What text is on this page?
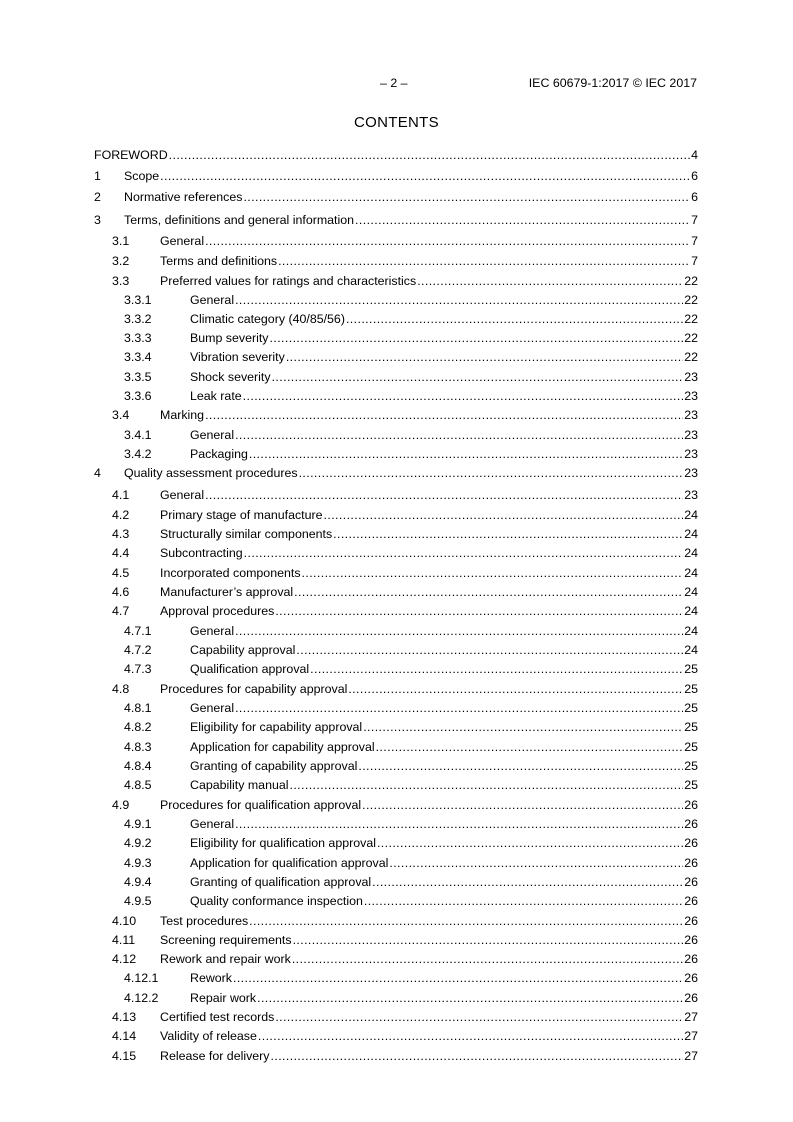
– 2 –	IEC 60679-1:2017 © IEC 2017
CONTENTS
FOREWORD .....	4
1 Scope .....	6
2 Normative references .....	6
3 Terms, definitions and general information .....	7
3.1 General .....	7
3.2 Terms and definitions .....	7
3.3 Preferred values for ratings and characteristics .....	22
3.3.1	General .....	22
3.3.2	Climatic category (40/85/56) .....	22
3.3.3	Bump severity .....	22
3.3.4	Vibration severity .....	22
3.3.5	Shock severity .....	23
3.3.6	Leak rate .....	23
3.4 Marking .....	23
3.4.1	General .....	23
3.4.2	Packaging .....	23
4 Quality assessment procedures .....	23
4.1 General .....	23
4.2 Primary stage of manufacture .....	24
4.3 Structurally similar components .....	24
4.4 Subcontracting .....	24
4.5 Incorporated components .....	24
4.6 Manufacturer’s approval .....	24
4.7 Approval procedures .....	24
4.7.1	General .....	24
4.7.2	Capability approval .....	24
4.7.3	Qualification approval .....	25
4.8 Procedures for capability approval .....	25
4.8.1	General .....	25
4.8.2	Eligibility for capability approval .....	25
4.8.3	Application for capability approval .....	25
4.8.4	Granting of capability approval .....	25
4.8.5	Capability manual .....	25
4.9 Procedures for qualification approval .....	26
4.9.1	General .....	26
4.9.2	Eligibility for qualification approval .....	26
4.9.3	Application for qualification approval .....	26
4.9.4	Granting of qualification approval .....	26
4.9.5	Quality conformance inspection .....	26
4.10 Test procedures .....	26
4.11 Screening requirements .....	26
4.12 Rework and repair work .....	26
4.12.1	Rework .....	26
4.12.2	Repair work .....	26
4.13 Certified test records .....	27
4.14 Validity of release .....	27
4.15 Release for delivery .....	27
